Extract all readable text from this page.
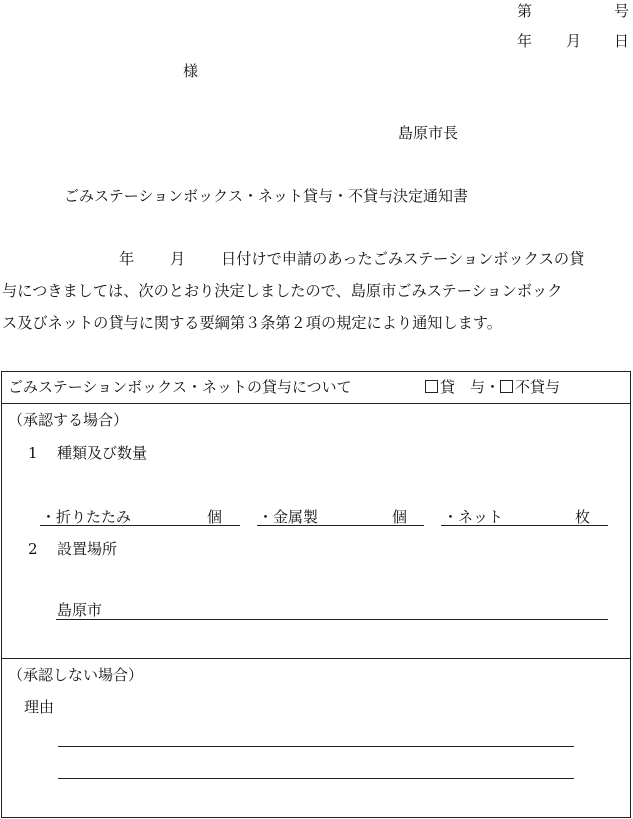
第	号
年 月 日
様
島原市長
ごみステーションボックス・ネット貸与・不貸与決定通知書
年 月 日付けで申請のあったごみステーションボックスの貸
与につきましては、次のとおり決定しましたので、島原市ごみステーションボック
ス及びネットの貸与に関する要綱第３条第２項の規定により通知します。
ごみステーションボックス・ネットの貸与について	貸　与・ 不貸与
（承認する場合）
1 種類及び数量
・折りたたみ	個 ・金属製	個 ・ネット	枚
2 設置場所
島原市
（承認しない場合）
理由
